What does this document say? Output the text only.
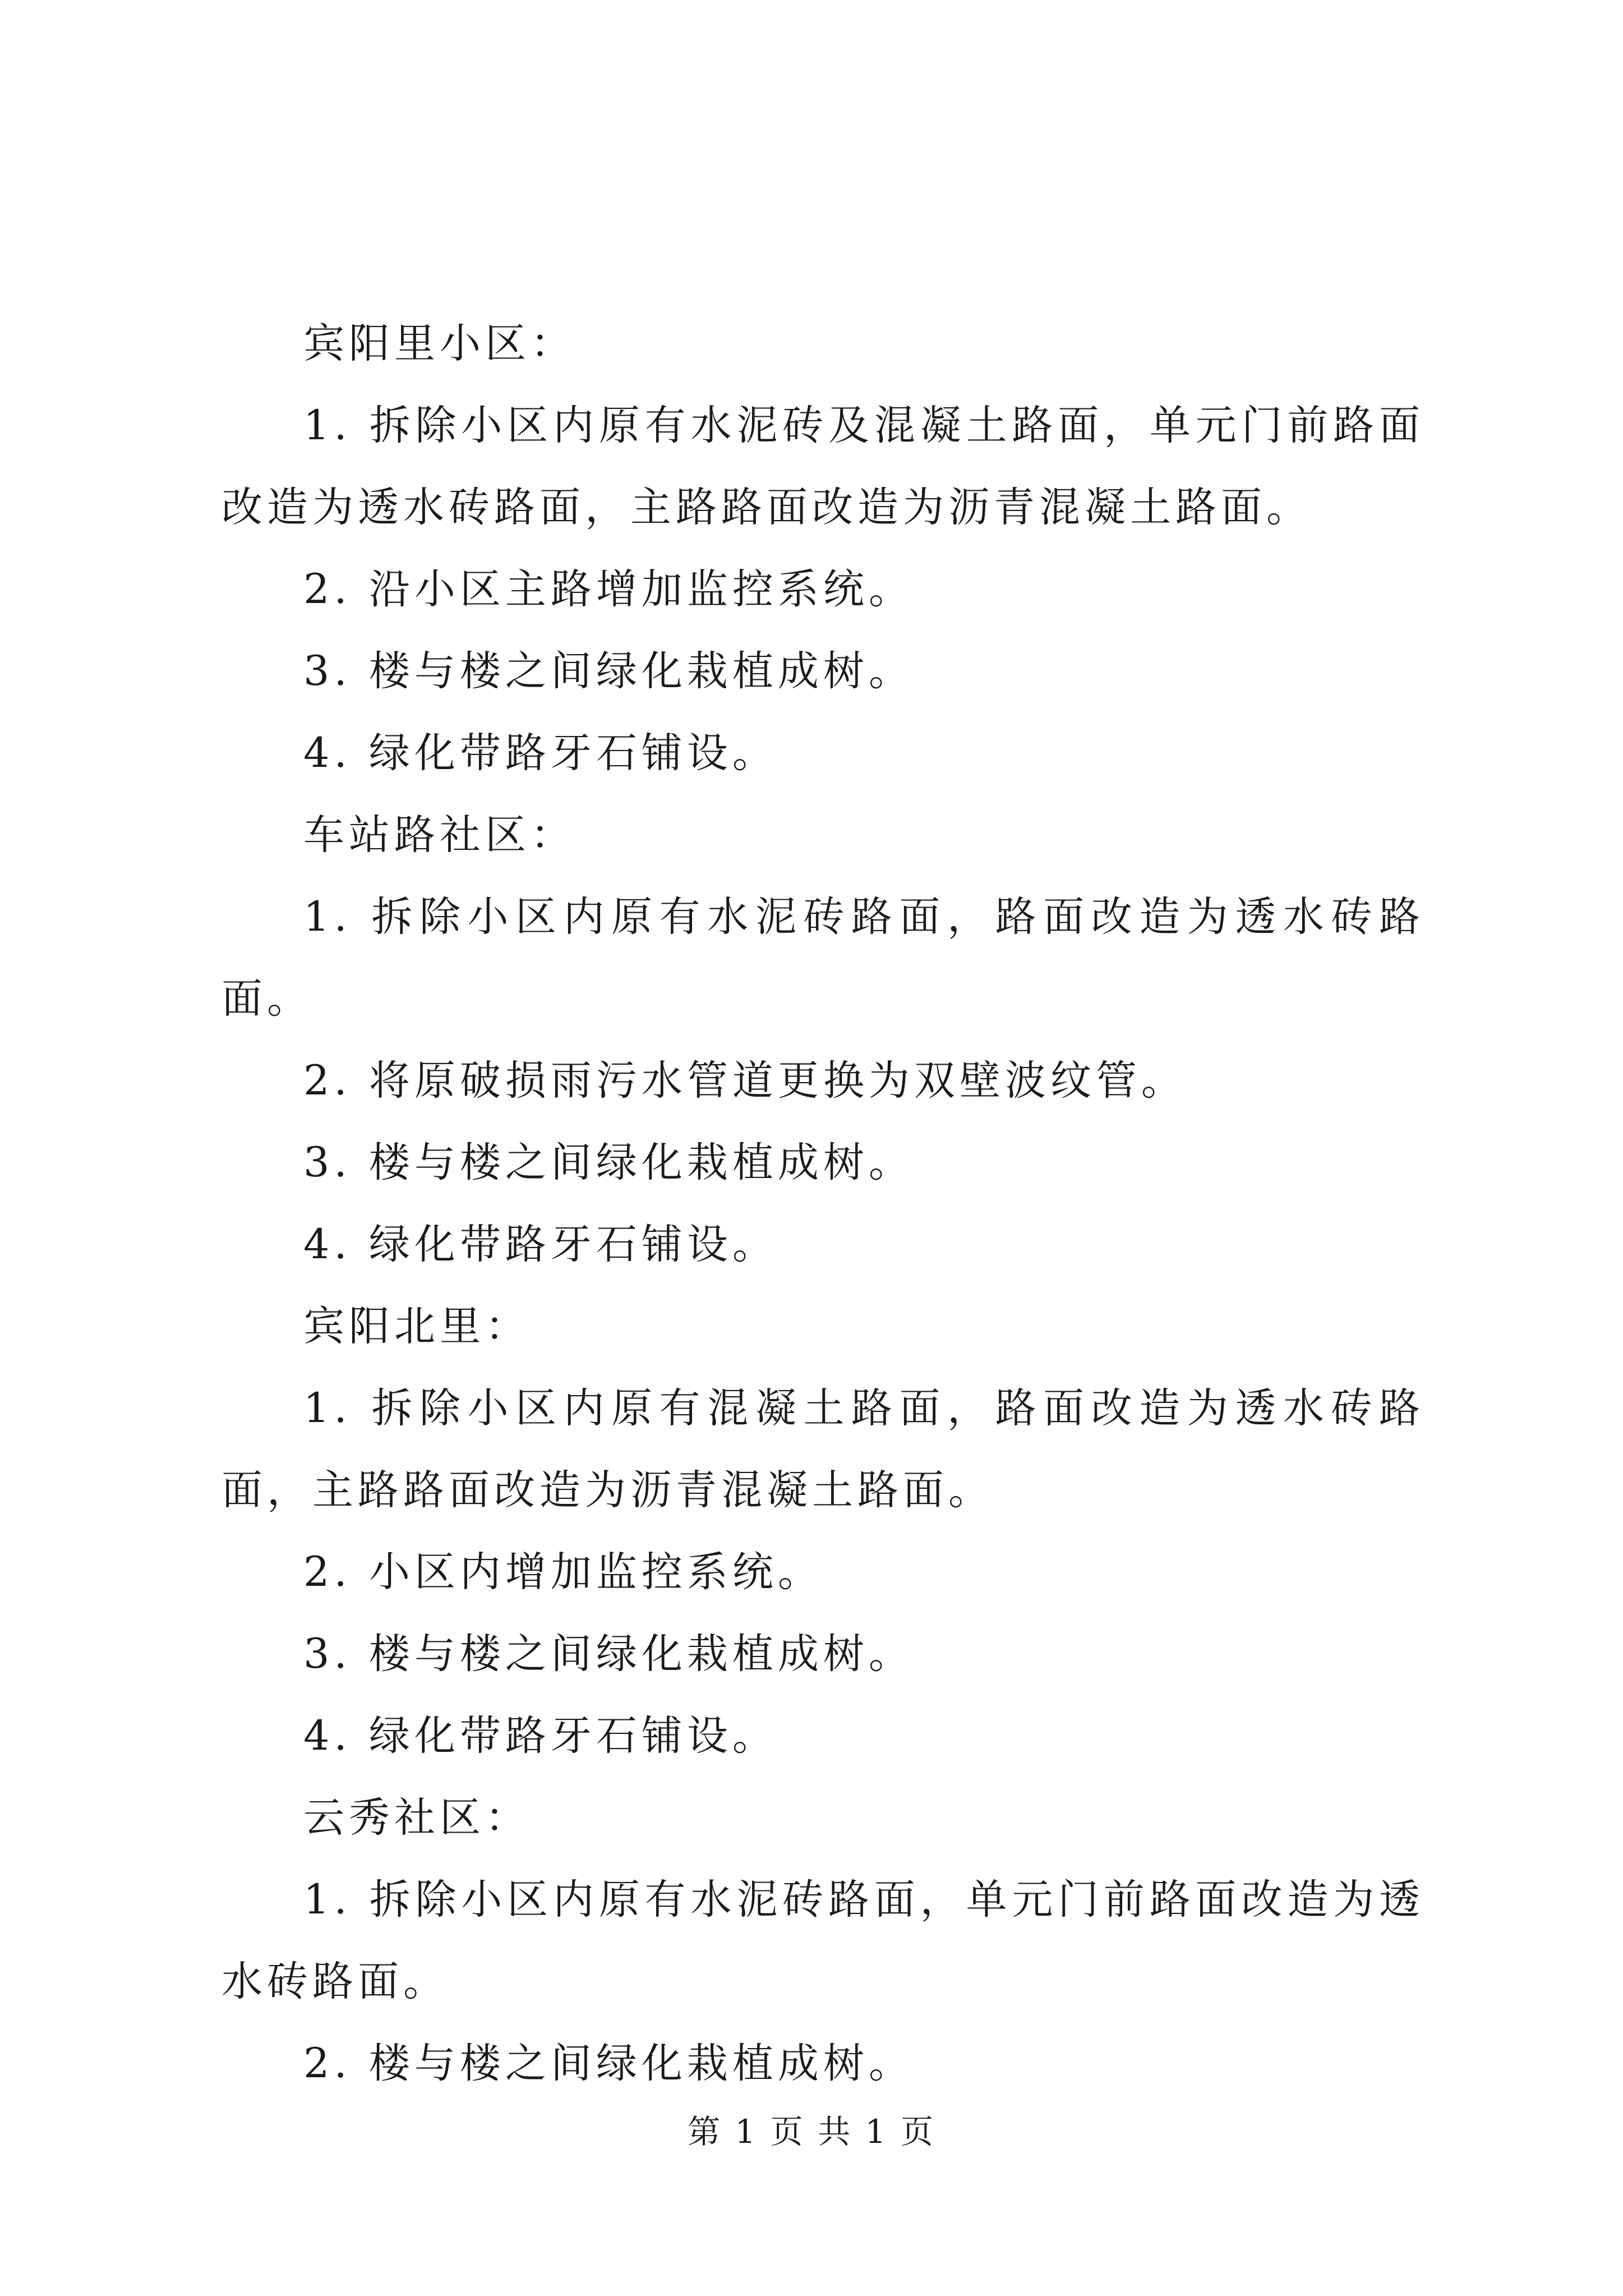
宾阳里小区：

1. 拆除小区内原有水泥砖及混凝土路面，单元门前路面改造为透水砖路面，主路路面改造为沥青混凝土路面。

2. 沿小区主路增加监控系统。

3. 楼与楼之间绿化栽植成树。

4. 绿化带路牙石铺设。

车站路社区：

1. 拆除小区内原有水泥砖路面，路面改造为透水砖路面。

2. 将原破损雨污水管道更换为双壁波纹管。

3. 楼与楼之间绿化栽植成树。

4. 绿化带路牙石铺设。

宾阳北里：

1. 拆除小区内原有混凝土路面，路面改造为透水砖路面，主路路面改造为沥青混凝土路面。

2. 小区内增加监控系统。

3. 楼与楼之间绿化栽植成树。

4. 绿化带路牙石铺设。

云秀社区：

1. 拆除小区内原有水泥砖路面，单元门前路面改造为透水砖路面。

2. 楼与楼之间绿化栽植成树。

第 1 页 共 1 页
